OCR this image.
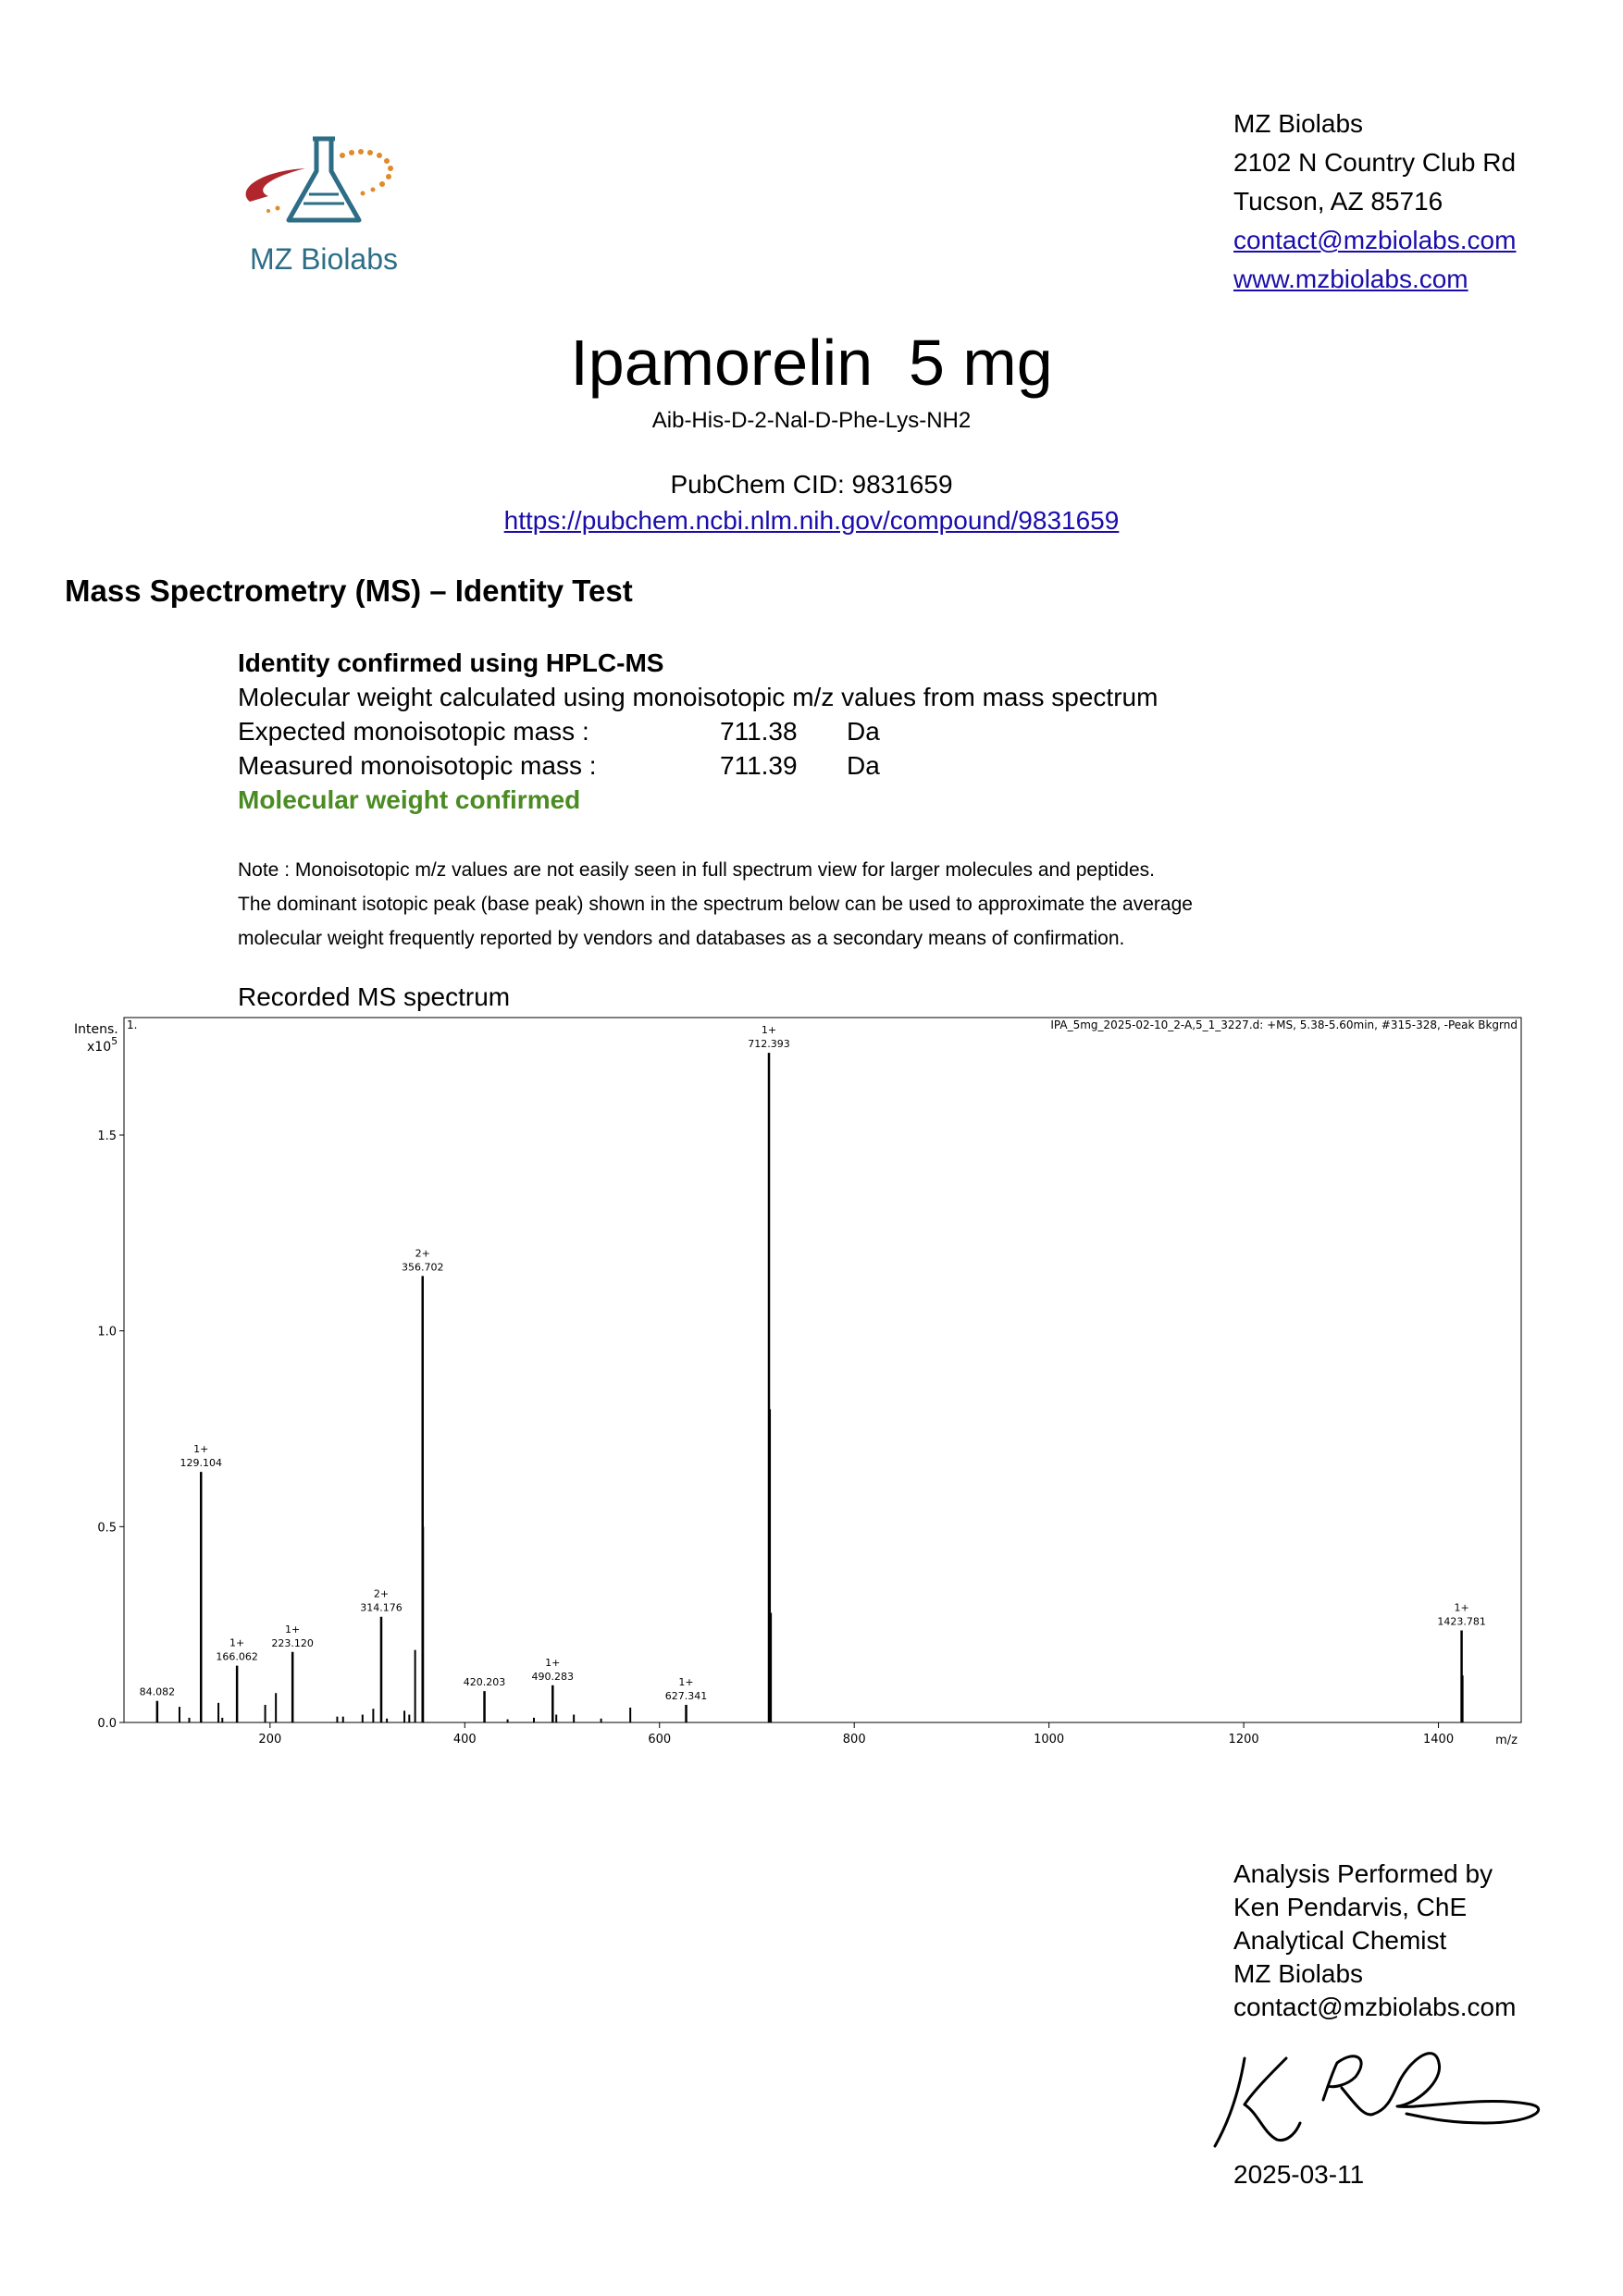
MZ Biolabs
MZ Biolabs
2102 N Country Club Rd
Tucson, AZ 85716
contact@mzbiolabs.com
www.mzbiolabs.com
Ipamorelin  5 mg
Aib-His-D-2-Nal-D-Phe-Lys-NH2
PubChem CID: 9831659
https://pubchem.ncbi.nlm.nih.gov/compound/9831659
Mass Spectrometry (MS) – Identity Test
Identity confirmed using HPLC-MS
Molecular weight calculated using monoisotopic m/z values from mass spectrum
Expected monoisotopic mass :	711.38 Da
Measured monoisotopic mass :	711.39 Da
Molecular weight confirmed
Note : Monoisotopic m/z values are not easily seen in full spectrum view for larger molecules and peptides.
The dominant isotopic peak (base peak) shown in the spectrum below can be used to approximate the average
molecular weight frequently reported by vendors and databases as a secondary means of confirmation.
Recorded MS spectrum
Intens.
$x10^5$
1.	IPA_5mg_2025-02-10_2-A,5_1_3227.d: +MS, 5.38-5.60min, #315-328, -Peak Bkgrnd
m/z
200	400	600	800	1000	1200	1400
0.0
0.5
1.0
1.5
84.082
129.104
1+
166.062
1+	223.120
1+
314.176
2+
356.702
2+
420.203	490.283
1+
627.341
1+
712.393
1+
1423.781
1+
Analysis Performed by
Ken Pendarvis, ChE
Analytical Chemist
MZ Biolabs
contact@mzbiolabs.com
2025-03-11
